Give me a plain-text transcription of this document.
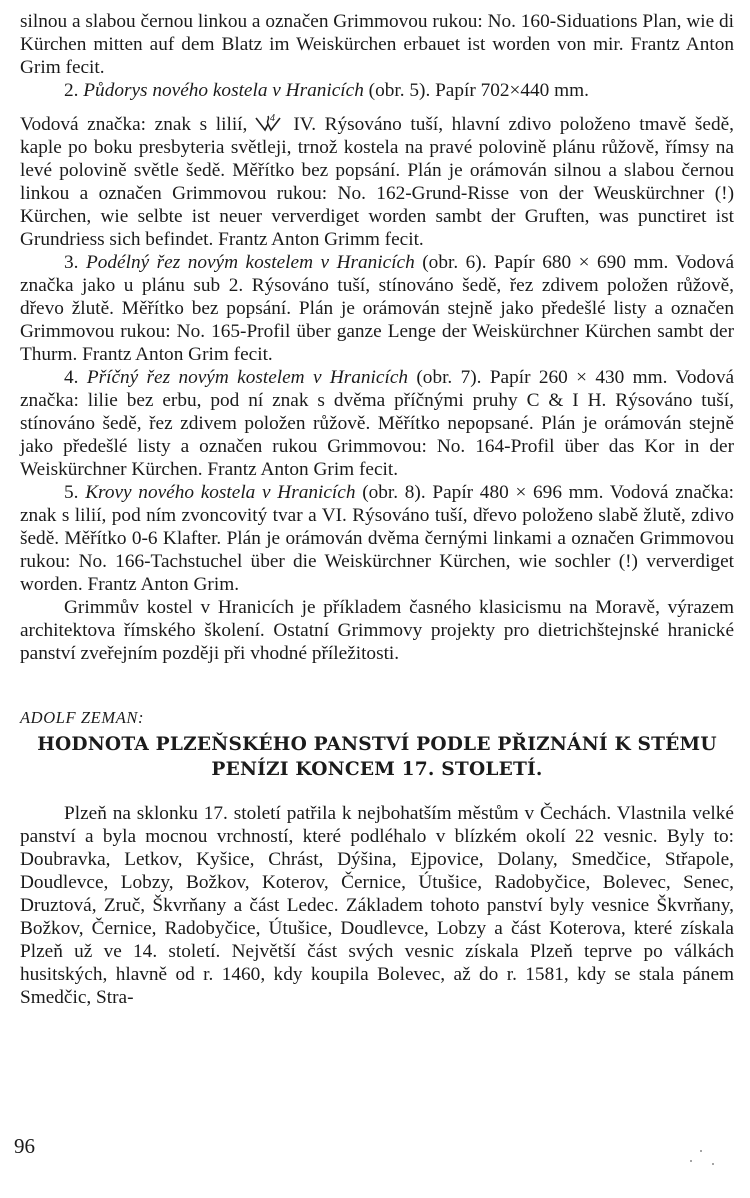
silnou a slabou černou linkou a označen Grimmovou rukou: No. 160-Siduations Plan, wie di Kürchen mitten auf dem Blatz im Weiskürchen erbauet ist worden von mir. Frantz Anton Grim fecit.

2. Půdorys nového kostela v Hranicích (obr. 5). Papír 702×440 mm.

Vodová značka: znak s lilií, 4 IV. Rýsováno tuší, hlavní zdivo položeno tmavě šedě, kaple po boku presbyteria světleji, trnož kostela na pravé polovině plánu růžově, římsy na levé polovině světle šedě. Měřítko bez popsání. Plán je orámován silnou a slabou černou linkou a označen Grimmovou rukou: No. 162-Grund-Risse von der Weuskürchner (!) Kürchen, wie selbte ist neuer ververdiget worden sambt der Gruften, was punctiret ist Grundriess sich befindet. Frantz Anton Grimm fecit.

3. Podélný řez novým kostelem v Hranicích (obr. 6). Papír 680 × 690 mm. Vodová značka jako u plánu sub 2. Rýsováno tuší, stínováno šedě, řez zdivem položen růžově, dřevo žlutě. Měřítko bez popsání. Plán je orámován stejně jako předešlé listy a označen Grimmovou rukou: No. 165-Profil über ganze Lenge der Weiskürchner Kürchen sambt der Thurm. Frantz Anton Grim fecit.

4. Příčný řez novým kostelem v Hranicích (obr. 7). Papír 260 × 430 mm. Vodová značka: lilie bez erbu, pod ní znak s dvěma příčnými pruhy C & I H. Rýsováno tuší, stínováno šedě, řez zdivem položen růžově. Měřítko nepopsané. Plán je orámován stejně jako předešlé listy a označen rukou Grimmovou: No. 164-Profil über das Kor in der Weiskürchner Kürchen. Frantz Anton Grim fecit.

5. Krovy nového kostela v Hranicích (obr. 8). Papír 480 × 696 mm. Vodová značka: znak s lilií, pod ním zvoncovitý tvar a VI. Rýsováno tuší, dřevo položeno slabě žlutě, zdivo šedě. Měřítko 0-6 Klafter. Plán je orámován dvěma černými linkami a označen Grimmovou rukou: No. 166-Tachstuchel über die Weiskürchner Kürchen, wie sochler (!) ververdiget worden. Frantz Anton Grim.

Grimmův kostel v Hranicích je příkladem časného klasicismu na Moravě, výrazem architektova římského školení. Ostatní Grimmovy projekty pro dietrichštejnské hranické panství zveřejním později při vhodné příležitosti.

ADOLF ZEMAN:
HODNOTA PLZEŇSKÉHO PANSTVÍ PODLE PŘIZNÁNÍ K STÉMU
PENÍZI KONCEM 17. STOLETÍ.

Plzeň na sklonku 17. století patřila k nejbohatším městům v Čechách. Vlastnila velké panství a byla mocnou vrchností, které podléhalo v blízkém okolí 22 vesnic. Byly to: Doubravka, Letkov, Kyšice, Chrást, Dýšina, Ejpovice, Dolany, Smedčice, Střapole, Doudlevce, Lobzy, Božkov, Koterov, Černice, Útušice, Radobyčice, Bolevec, Senec, Druztová, Zruč, Škvrňany a část Ledec. Základem tohoto panství byly vesnice Škvrňany, Božkov, Černice, Radobyčice, Útušice, Doudlevce, Lobzy a část Koterova, které získala Plzeň už ve 14. století. Největší část svých vesnic získala Plzeň teprve po válkách husitských, hlavně od r. 1460, kdy koupila Bolevec, až do r. 1581, kdy se stala pánem Smedčic, Stra-

96
